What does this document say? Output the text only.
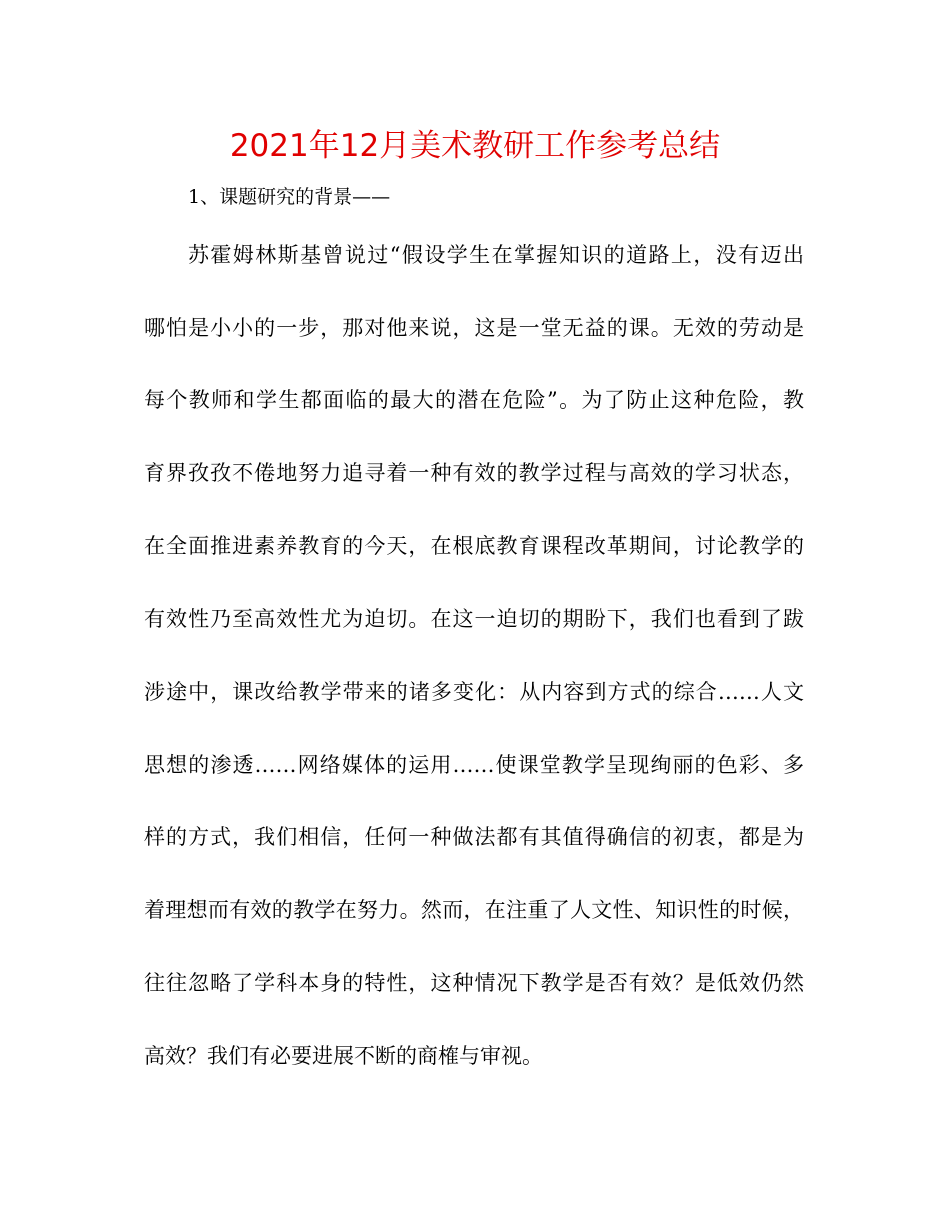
2021年12月美术教研工作参考总结
1、课题研究的背景——
苏霍姆林斯基曾说过“假设学生在掌握知识的道路上，没有迈出
哪怕是小小的一步，那对他来说，这是一堂无益的课。无效的劳动是
每个教师和学生都面临的最大的潜在危险”。为了防止这种危险，教
育界孜孜不倦地努力追寻着一种有效的教学过程与高效的学习状态，
在全面推进素养教育的今天，在根底教育课程改革期间，讨论教学的
有效性乃至高效性尤为迫切。在这一迫切的期盼下，我们也看到了跋
涉途中，课改给教学带来的诸多变化：从内容到方式的综合……人文
思想的渗透……网络媒体的运用……使课堂教学呈现绚丽的色彩、多
样的方式，我们相信，任何一种做法都有其值得确信的初衷，都是为
着理想而有效的教学在努力。然而，在注重了人文性、知识性的时候，
往往忽略了学科本身的特性，这种情况下教学是否有效？是低效仍然
高效？我们有必要进展不断的商榷与审视。
